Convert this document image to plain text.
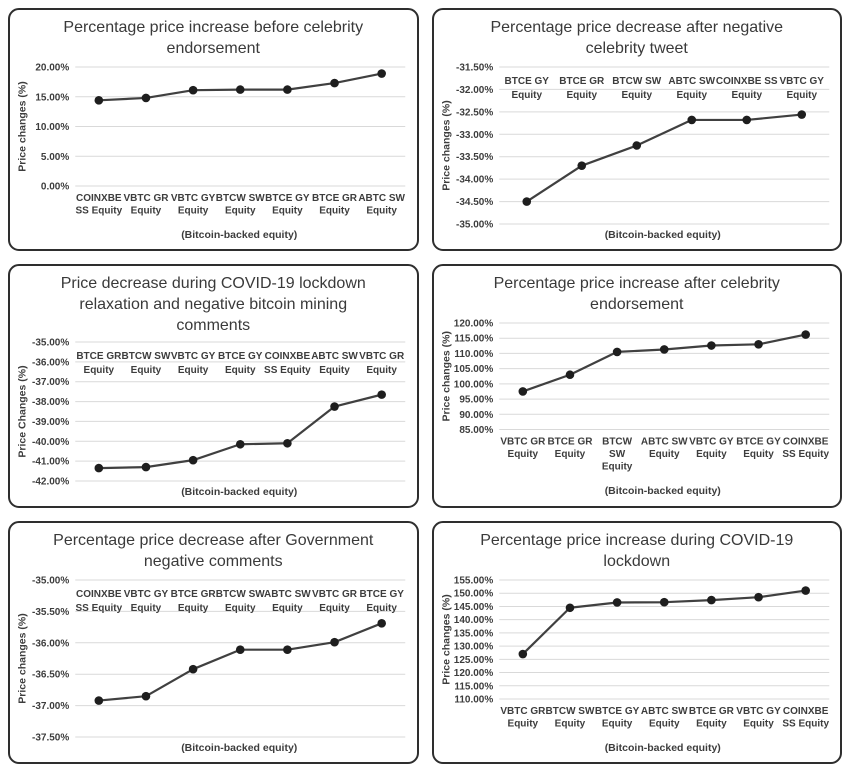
Percentage price increase before celebrity
endorsement
20.00%
15.00%
10.00%
5.00%
0.00%
Price changes (%)
COINXBE
SS Equity
VBTC GR
Equity
VBTC GY
Equity
BTCW SW
Equity
BTCE GY
Equity
BTCE GR
Equity
ABTC SW
Equity
(Bitcoin-backed equity)
Percentage price decrease after negative
celebrity tweet
-31.50%
-32.00%
-32.50%
-33.00%
-33.50%
-34.00%
-34.50%
-35.00%
Price changes (%)
BTCE GY
Equity
BTCE GR
Equity
BTCW SW
Equity
ABTC SW
Equity
COINXBE SS
Equity
VBTC GY
Equity
(Bitcoin-backed equity)
Price decrease during COVID-19 lockdown
relaxation and negative bitcoin mining
comments
-35.00%
-36.00%
-37.00%
-38.00%
-39.00%
-40.00%
-41.00%
-42.00%
Price Changes (%)
BTCE GR
Equity
BTCW SW
Equity
VBTC GY
Equity
BTCE GY
Equity
COINXBE
SS Equity
ABTC SW
Equity
VBTC GR
Equity
(Bitcoin-backed equity)
Percentage price increase after celebrity
endorsement
120.00%
115.00%
110.00%
105.00%
100.00%
95.00%
90.00%
85.00%
Price changes (%)
VBTC GR
Equity
BTCE GR
Equity
BTCW
SW
Equity
ABTC SW
Equity
VBTC GY
Equity
BTCE GY
Equity
COINXBE
SS Equity
(Bitcoin-backed equity)
Percentage price decrease after Government
negative comments
-35.00%
-35.50%
-36.00%
-36.50%
-37.00%
-37.50%
Price changes (%)
COINXBE
SS Equity
VBTC GY
Equity
BTCE GR
Equity
BTCW SW
Equity
ABTC SW
Equity
VBTC GR
Equity
BTCE GY
Equity
(Bitcoin-backed equity)
Percentage price increase during COVID-19
lockdown
155.00%
150.00%
145.00%
140.00%
135.00%
130.00%
125.00%
120.00%
115.00%
110.00%
Price changes (%)
VBTC GR
Equity
BTCW SW
Equity
BTCE GY
Equity
ABTC SW
Equity
BTCE GR
Equity
VBTC GY
Equity
COINXBE
SS Equity
(Bitcoin-backed equity)
